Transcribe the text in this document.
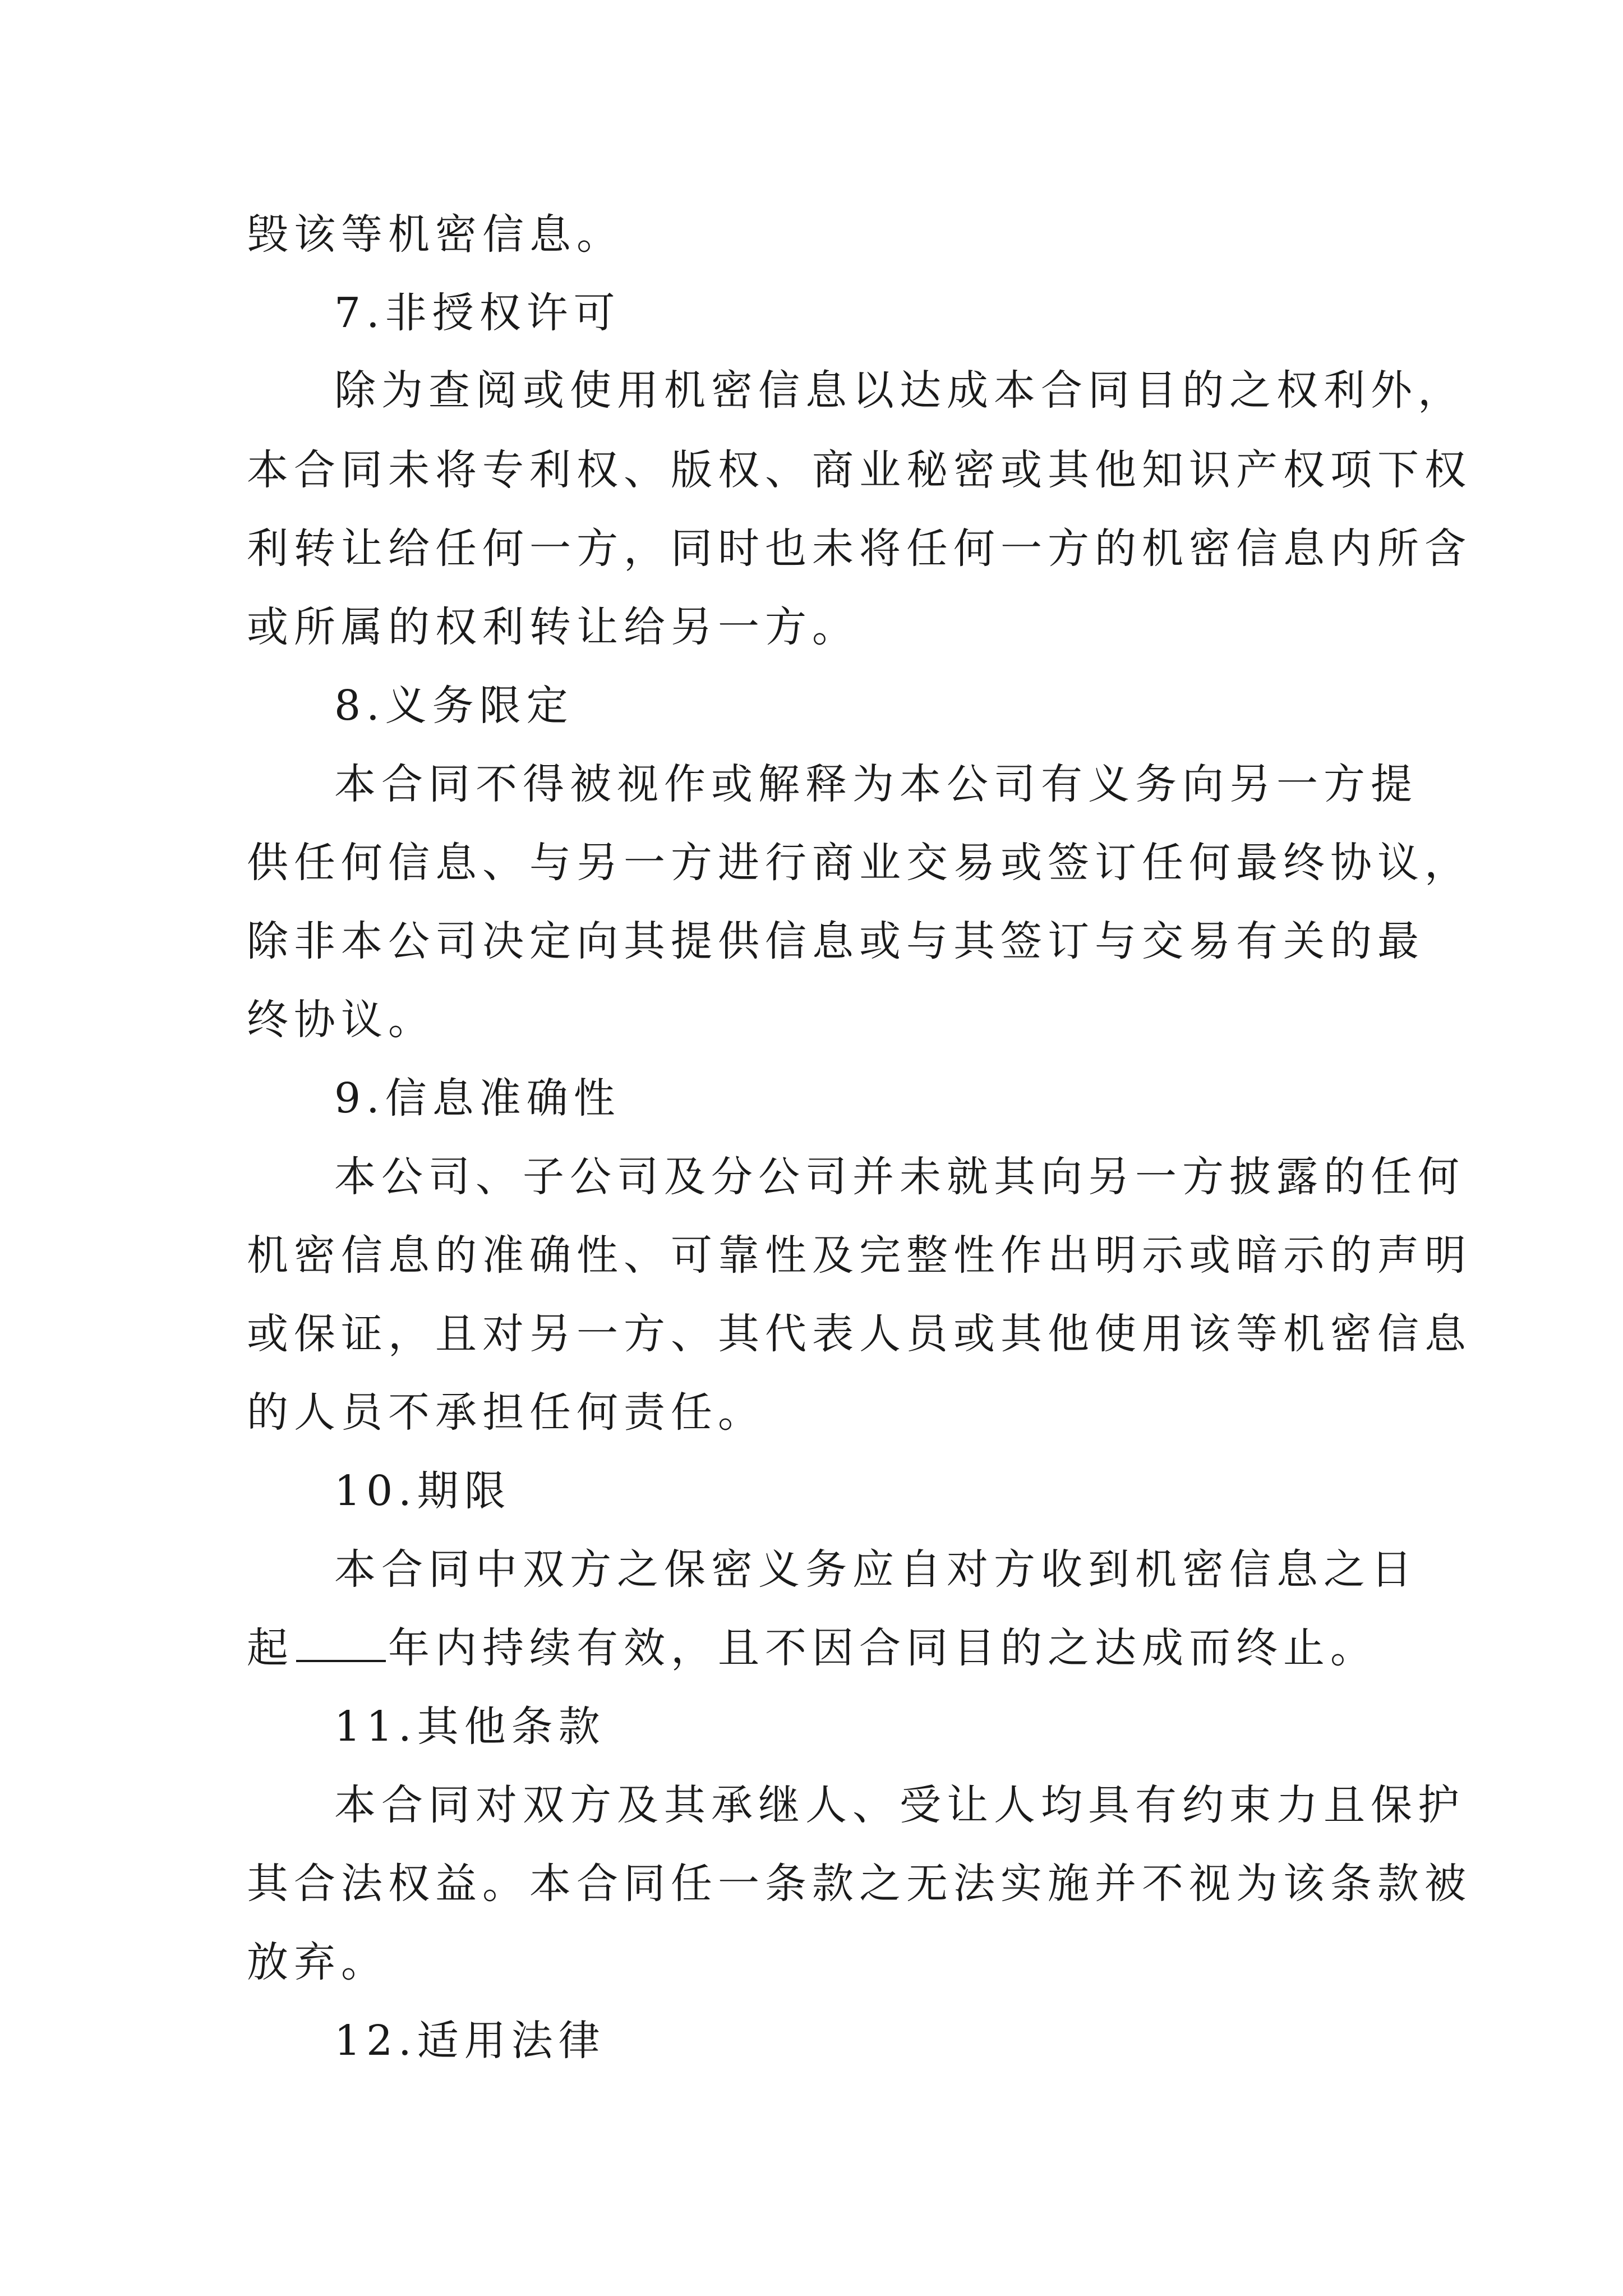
毁该等机密信息。
7.非授权许可
除为查阅或使用机密信息以达成本合同目的之权利外，
本合同未将专利权、版权、商业秘密或其他知识产权项下权
利转让给任何一方，同时也未将任何一方的机密信息内所含
或所属的权利转让给另一方。
8.义务限定
本合同不得被视作或解释为本公司有义务向另一方提
供任何信息、与另一方进行商业交易或签订任何最终协议，
除非本公司决定向其提供信息或与其签订与交易有关的最
终协议。
9.信息准确性
本公司、子公司及分公司并未就其向另一方披露的任何
机密信息的准确性、可靠性及完整性作出明示或暗示的声明
或保证，且对另一方、其代表人员或其他使用该等机密信息
的人员不承担任何责任。
10.期限
本合同中双方之保密义务应自对方收到机密信息之日
起 年内持续有效，且不因合同目的之达成而终止。
11.其他条款
本合同对双方及其承继人、受让人均具有约束力且保护
其合法权益。本合同任一条款之无法实施并不视为该条款被
放弃。
12.适用法律
